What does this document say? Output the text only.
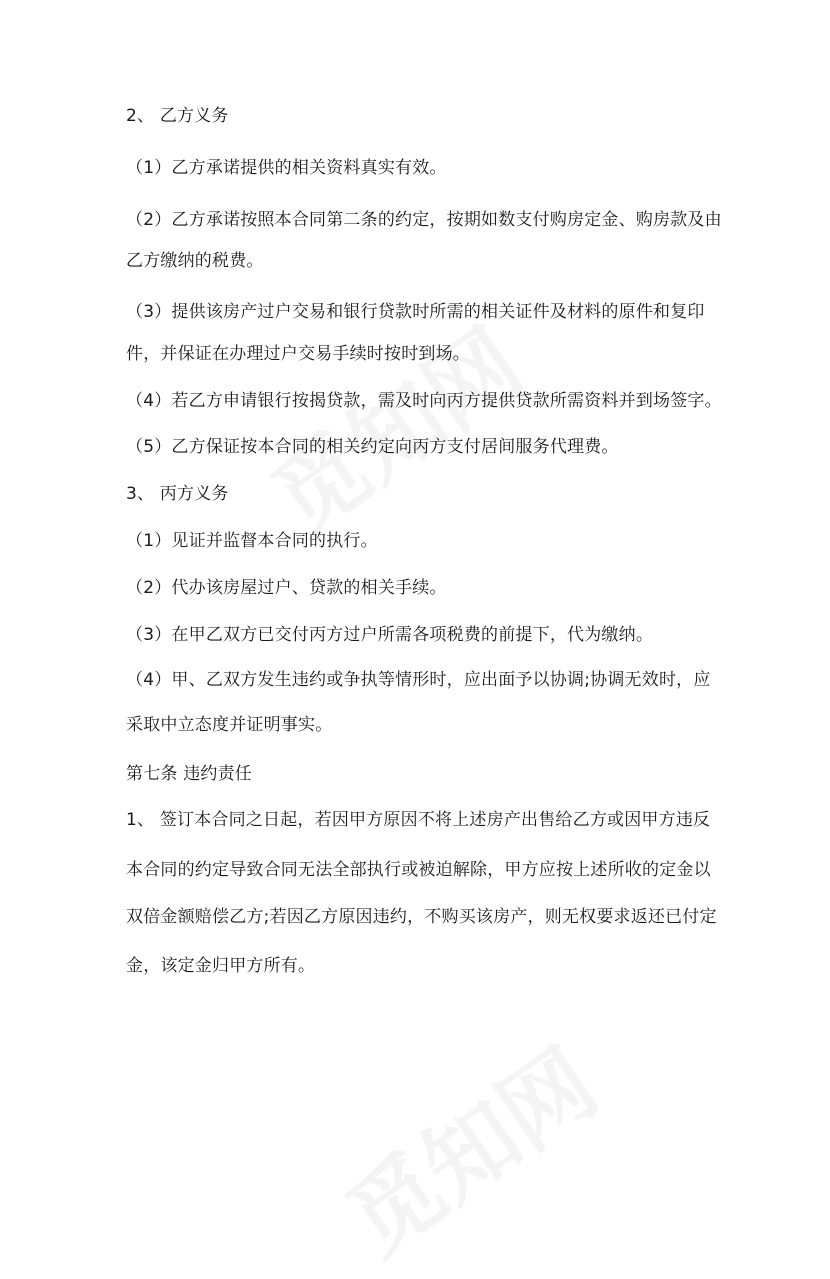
2、 乙方义务
（1）乙方承诺提供的相关资料真实有效。
（2）乙方承诺按照本合同第二条的约定，按期如数支付购房定金、购房款及由
乙方缴纳的税费。
（3）提供该房产过户交易和银行贷款时所需的相关证件及材料的原件和复印
件，并保证在办理过户交易手续时按时到场。
（4）若乙方申请银行按揭贷款，需及时向丙方提供贷款所需资料并到场签字。
（5）乙方保证按本合同的相关约定向丙方支付居间服务代理费。
3、 丙方义务
（1）见证并监督本合同的执行。
（2）代办该房屋过户、贷款的相关手续。
（3）在甲乙双方已交付丙方过户所需各项税费的前提下，代为缴纳。
（4）甲、乙双方发生违约或争执等情形时，应出面予以协调;协调无效时，应
采取中立态度并证明事实。
第七条 违约责任
1、 签订本合同之日起，若因甲方原因不将上述房产出售给乙方或因甲方违反
本合同的约定导致合同无法全部执行或被迫解除，甲方应按上述所收的定金以
双倍金额赔偿乙方;若因乙方原因违约，不购买该房产，则无权要求返还已付定
金，该定金归甲方所有。
